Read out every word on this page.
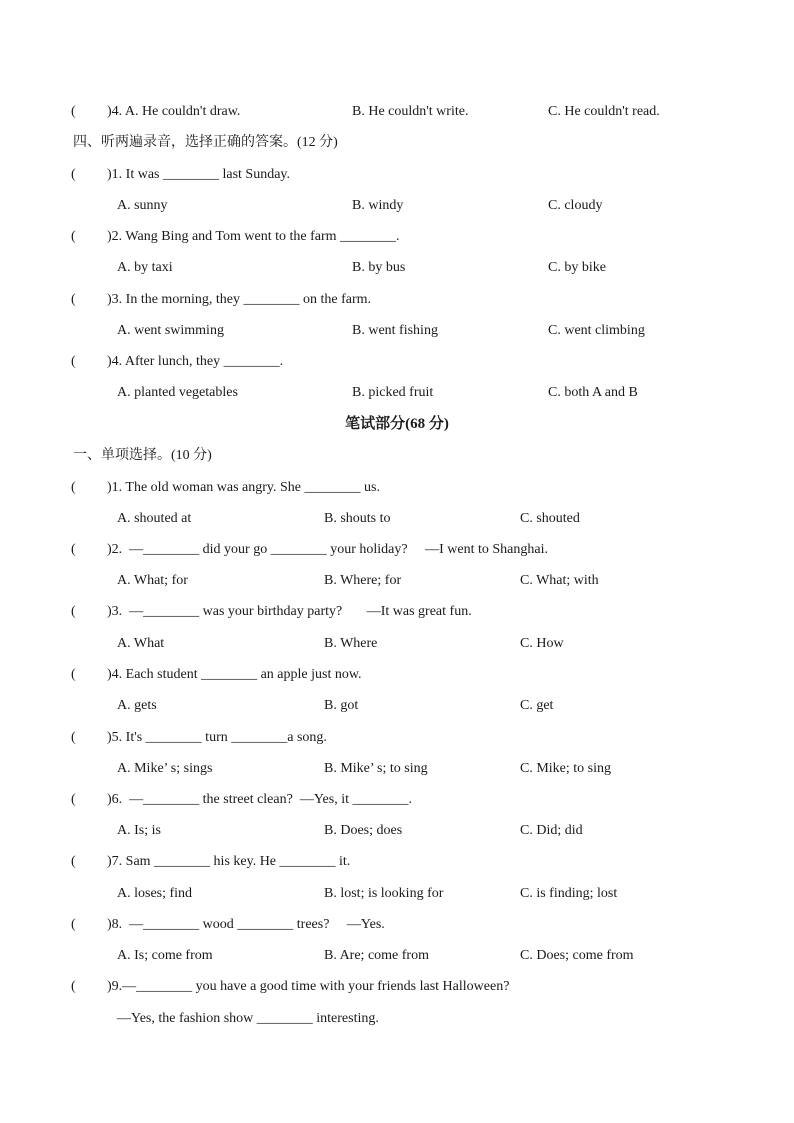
( )4. A. He couldn't draw.	B. He couldn't write.	C. He couldn't read.
四、听两遍录音，选择正确的答案。(12 分)
( )1. It was ________ last Sunday.
A. sunny	B. windy	C. cloudy
( )2. Wang Bing and Tom went to the farm ________.
A. by taxi	B. by bus	C. by bike
( )3. In the morning, they ________ on the farm.
A. went swimming	B. went fishing	C. went climbing
( )4. After lunch, they ________.
A. planted vegetables	B. picked fruit	C. both A and B
笔试部分(68 分)
一、单项选择。(10 分)
( )1. The old woman was angry. She ________ us.
A. shouted at	B. shouts to	C. shouted
( )2.  —________ did your go ________ your holiday?     —I went to Shanghai.
A. What; for	B. Where; for	C. What; with
( )3.  —________ was your birthday party?       —It was great fun.
A. What	B. Where	C. How
( )4. Each student ________ an apple just now.
A. gets	B. got	C. get
( )5. It's ________ turn ________a song.
A. Mike’ s; sings	B. Mike’ s; to sing	C. Mike; to sing
( )6.  —________ the street clean?  —Yes, it ________.
A. Is; is	B. Does; does	C. Did; did
( )7. Sam ________ his key. He ________ it.
A. loses; find	B. lost; is looking for	C. is finding; lost
( )8.  —________ wood ________ trees?     —Yes.
A. Is; come from	B. Are; come from	C. Does; come from
( )9.—________ you have a good time with your friends last Halloween?
—Yes, the fashion show ________ interesting.
